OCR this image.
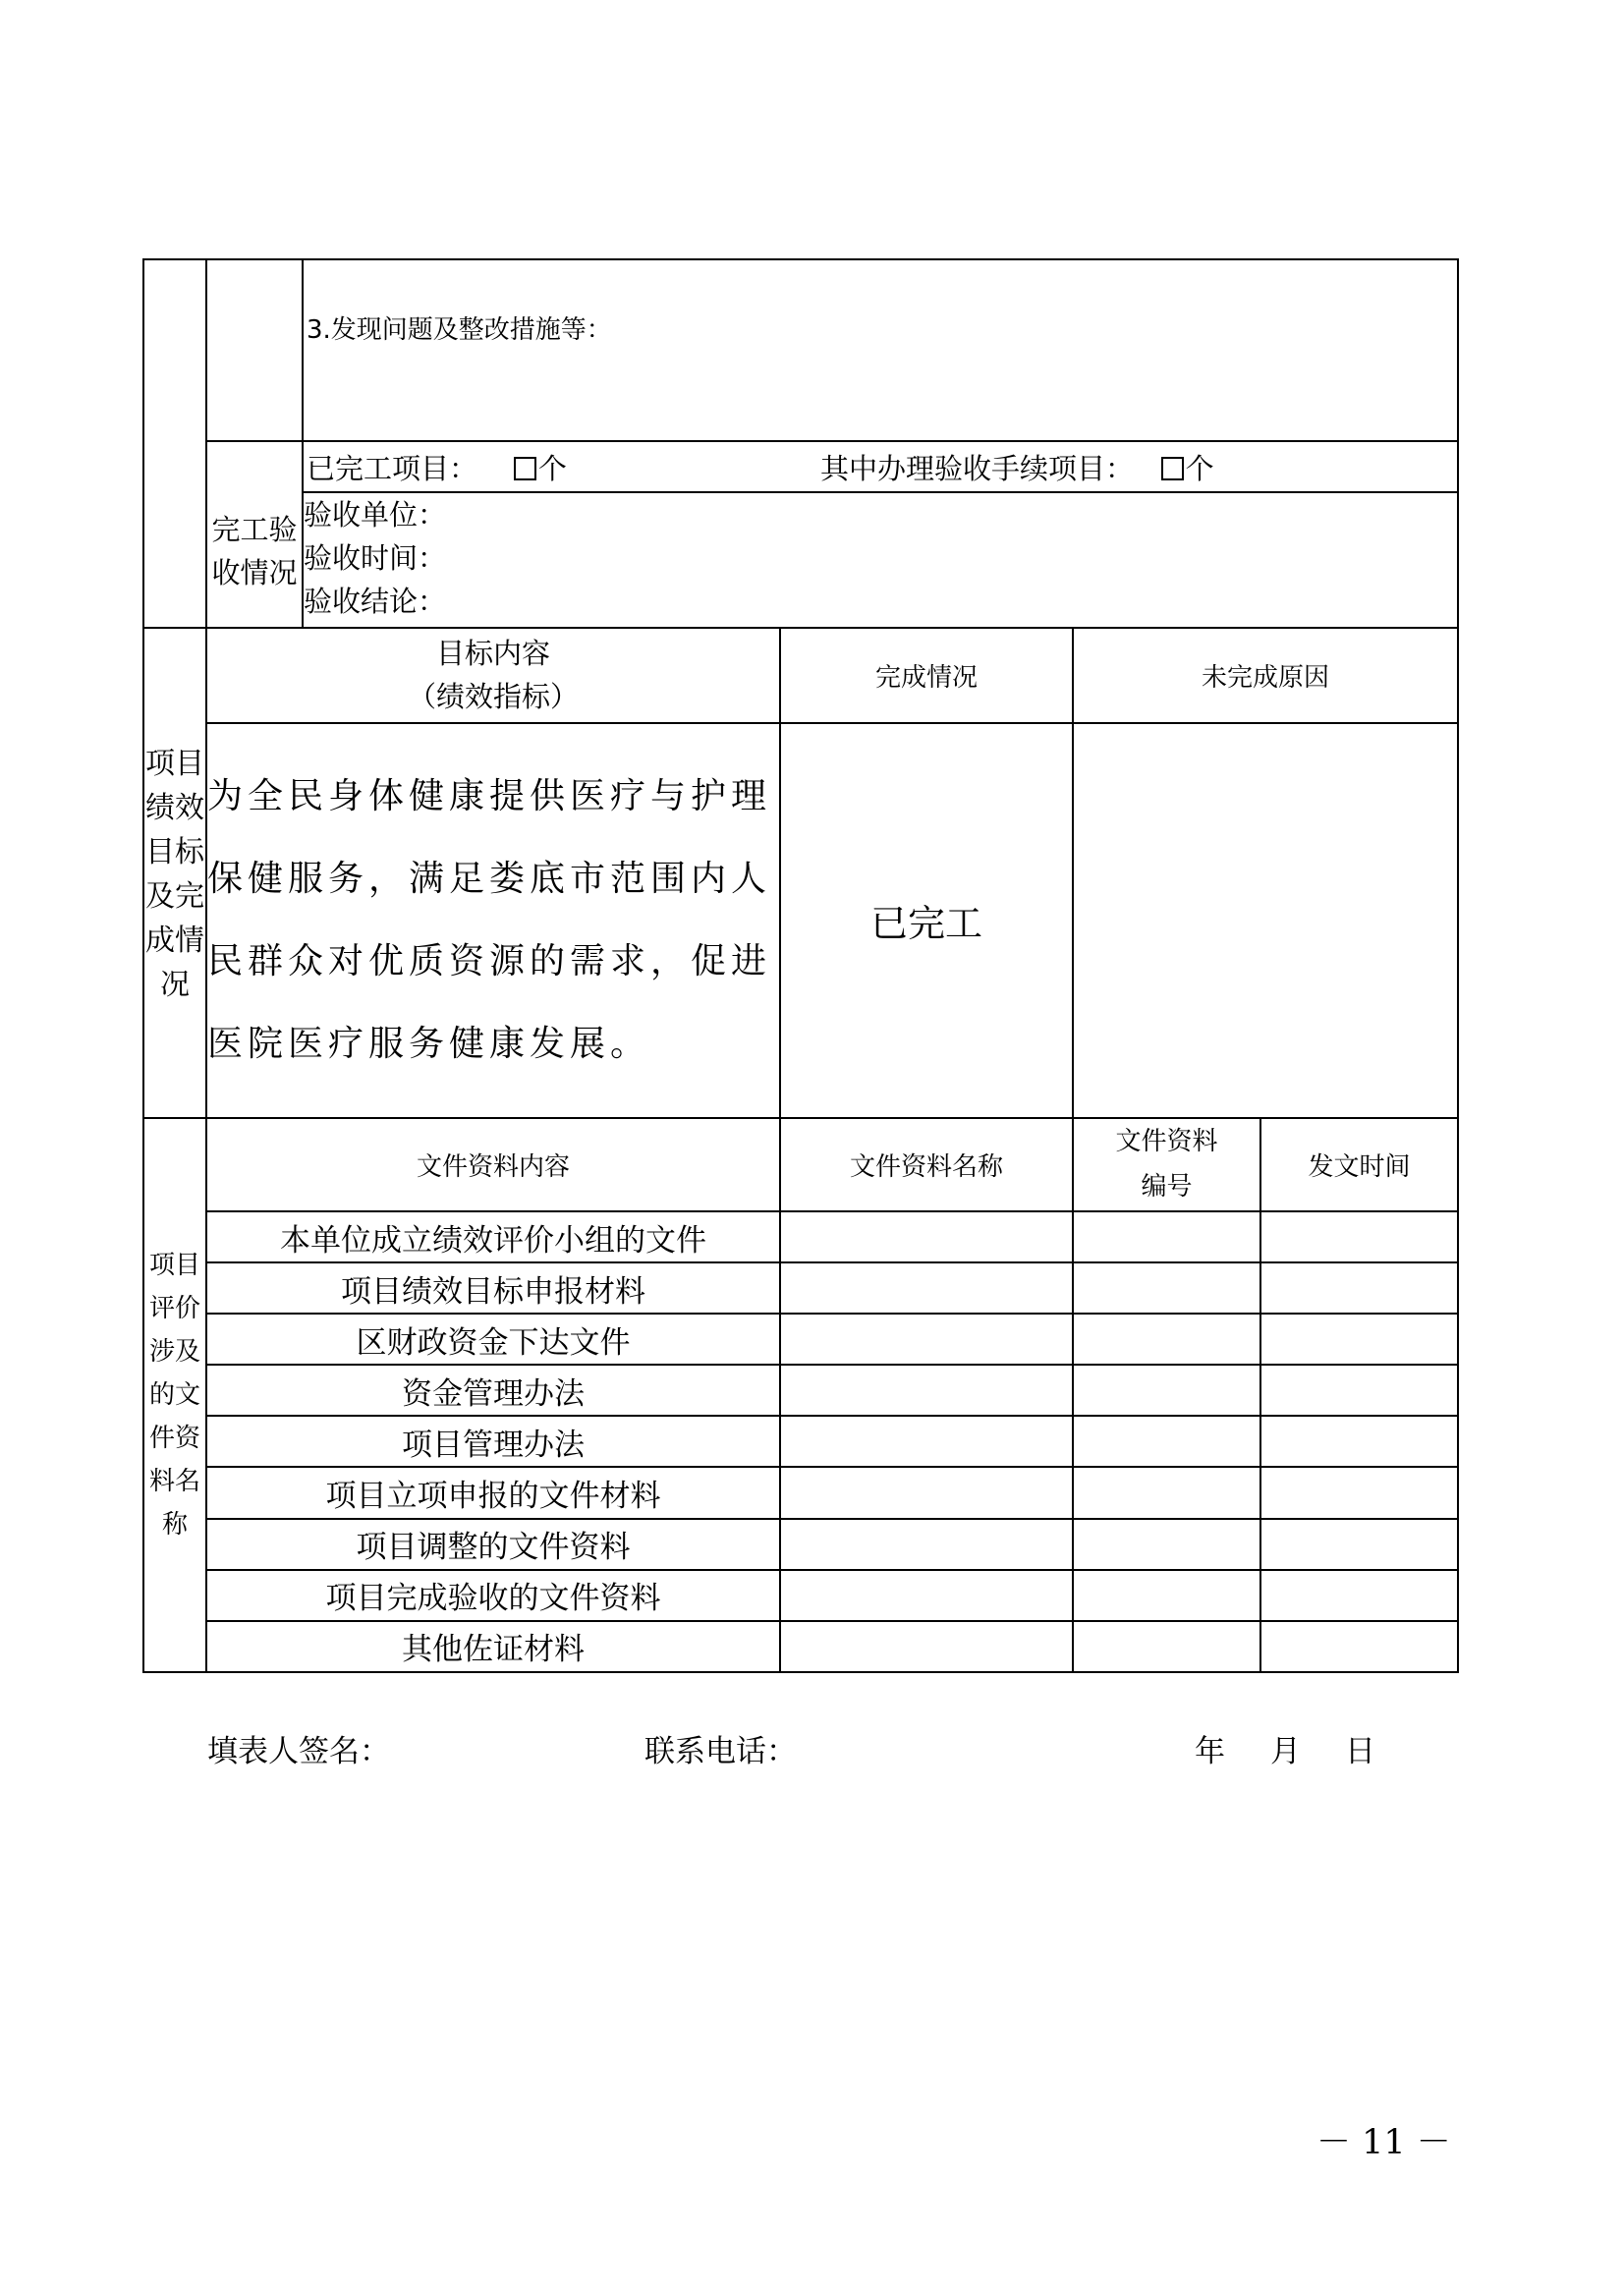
		3.发现问题及整改措施等：			
	完工验收情况	已完工项目： 个 其中办理验收手续项目： 个			

		验收单位：
验收时间：
验收结论：			

项目绩效目标及完成情况	目标内容
（绩效指标）		完成情况	未完成原因	
	为全民身体健康提供医疗与护理保健服务，满足娄底市范围内人民群众对优质资源的需求，促进医院医疗服务健康发展。		已完工		
项目评价涉及的文件资料名称	文件资料内容		文件资料名称	文件资料编号	发文时间
	本单位成立绩效评价小组的文件				
	项目绩效目标申报材料				
	区财政资金下达文件				
	资金管理办法				
	项目管理办法				
	项目立项申报的文件材料				
	项目调整的文件资料				
	项目完成验收的文件资料				
	其他佐证材料				
填表人签名：	联系电话：	年 月 日
－ 11 －
